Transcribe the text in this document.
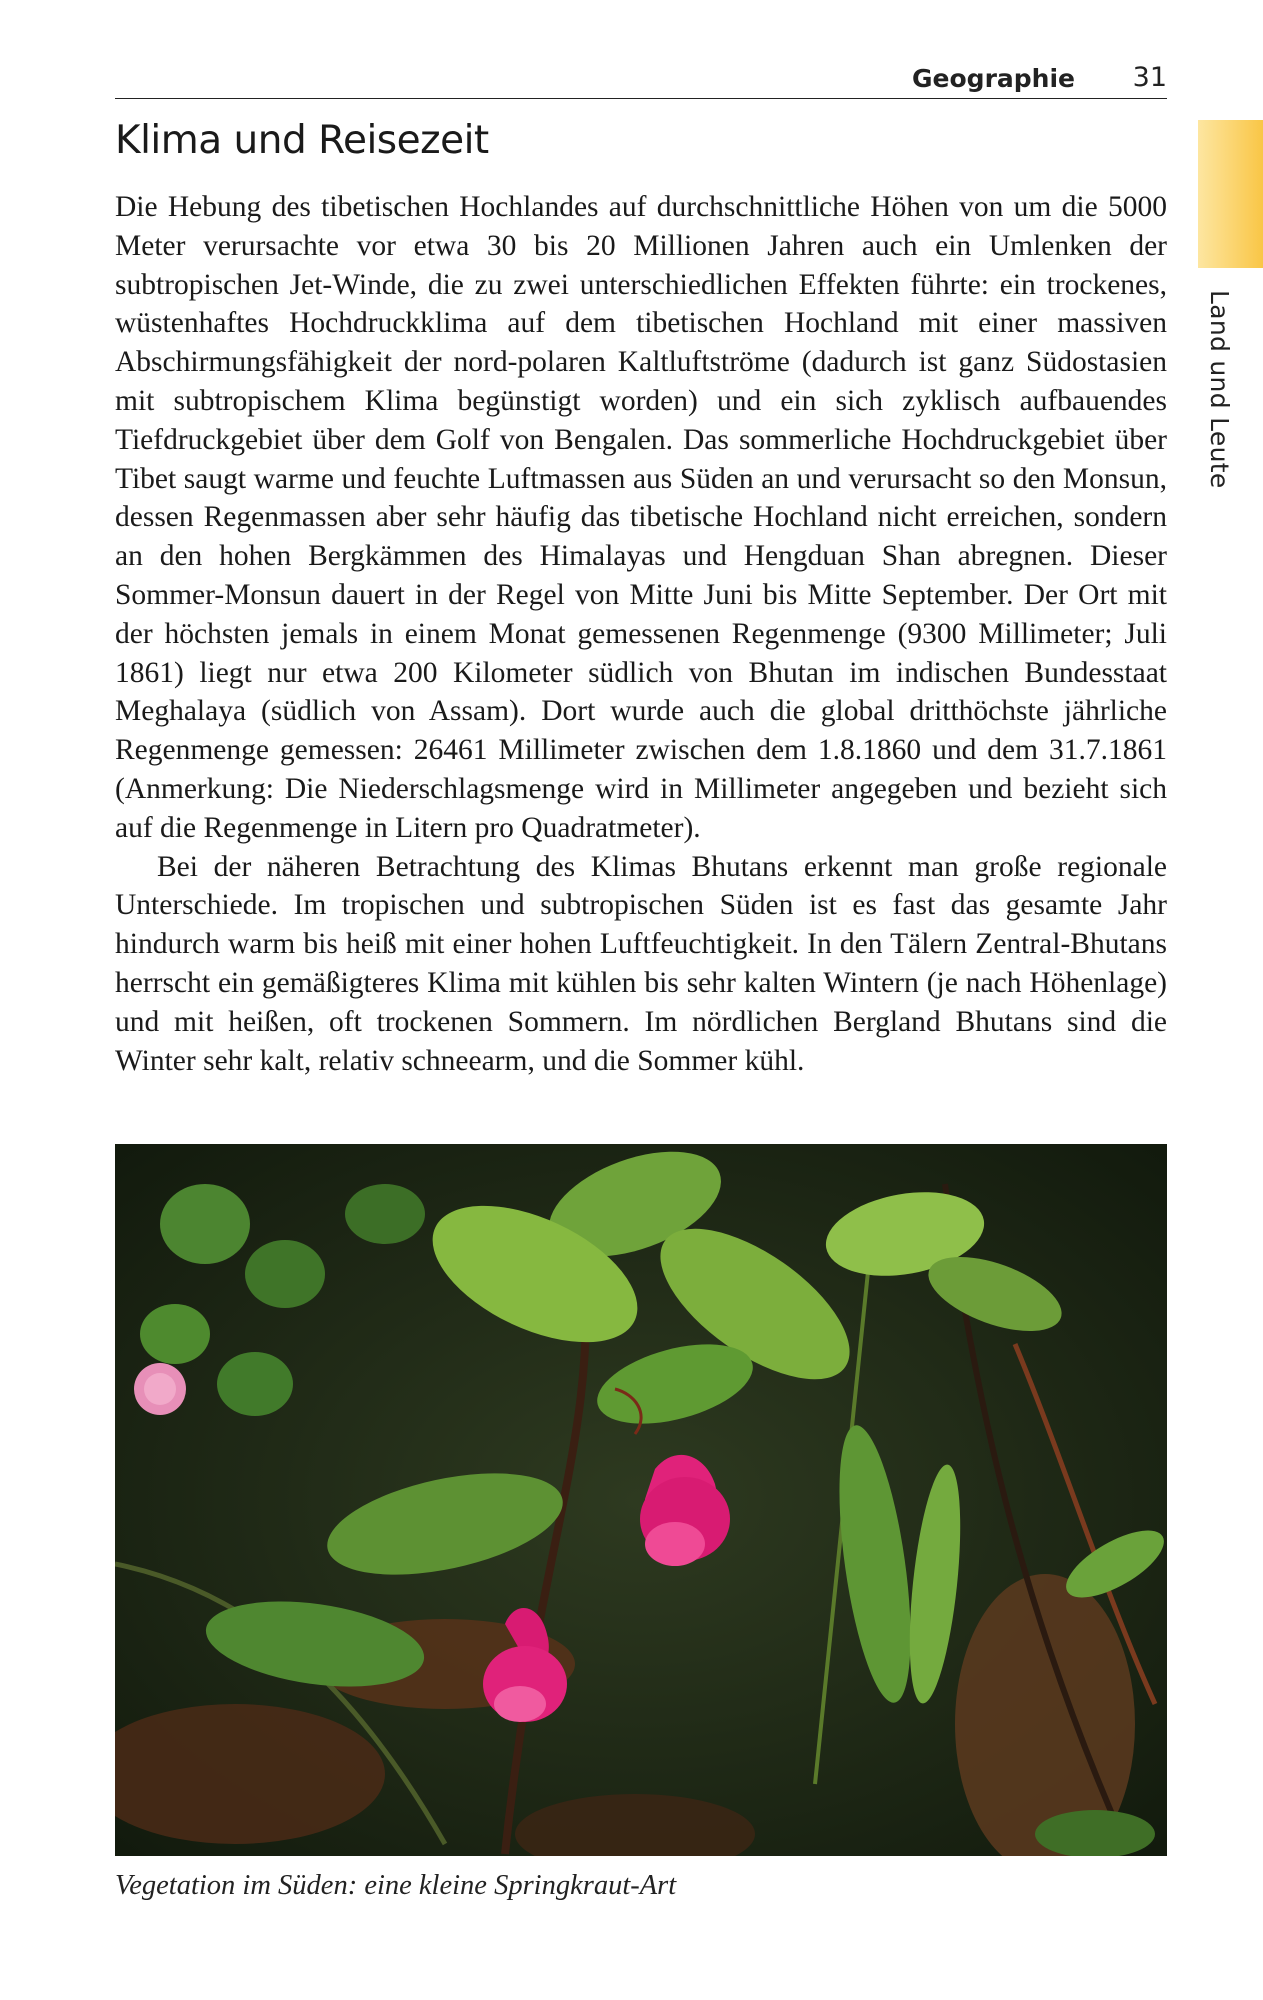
Geographie 31
Land und Leute
Klima und Reisezeit

Die Hebung des tibetischen Hochlandes auf durchschnittliche Höhen von um die 5000 Meter verursachte vor etwa 30 bis 20 Millionen Jahren auch ein Umlenken der subtropischen Jet-Winde, die zu zwei unterschiedlichen Effekten führte: ein trockenes, wüstenhaftes Hochdruckklima auf dem tibetischen Hochland mit einer massiven Abschirmungsfähigkeit der nord-polaren Kaltluftströme (dadurch ist ganz Südostasien mit subtropischem Klima begünstigt worden) und ein sich zyklisch aufbauendes Tiefdruckgebiet über dem Golf von Bengalen. Das sommerliche Hochdruckgebiet über Tibet saugt warme und feuchte Luftmassen aus Süden an und verursacht so den Monsun, dessen Regenmassen aber sehr häufig das tibetische Hochland nicht erreichen, sondern an den hohen Bergkämmen des Himalayas und Hengduan Shan abregnen. Dieser Sommer-Monsun dauert in der Regel von Mitte Juni bis Mitte September. Der Ort mit der höchsten jemals in einem Monat gemessenen Regenmenge (9300 Millimeter; Juli 1861) liegt nur etwa 200 Kilometer südlich von Bhutan im indischen Bundesstaat Meghalaya (südlich von Assam). Dort wurde auch die global dritthöchste jährliche Regenmenge gemessen: 26461 Millimeter zwischen dem 1.8.1860 und dem 31.7.1861 (Anmerkung: Die Niederschlagsmenge wird in Millimeter angegeben und bezieht sich auf die Regenmenge in Litern pro Quadratmeter).

Bei der näheren Betrachtung des Klimas Bhutans erkennt man große regionale Unterschiede. Im tropischen und subtropischen Süden ist es fast das gesamte Jahr hindurch warm bis heiß mit einer hohen Luftfeuchtigkeit. In den Tälern Zentral-Bhutans herrscht ein gemäßigteres Klima mit kühlen bis sehr kalten Wintern (je nach Höhenlage) und mit heißen, oft trockenen Sommern. Im nördlichen Bergland Bhutans sind die Winter sehr kalt, relativ schneearm, und die Sommer kühl.

Vegetation im Süden: eine kleine Springkraut-Art
